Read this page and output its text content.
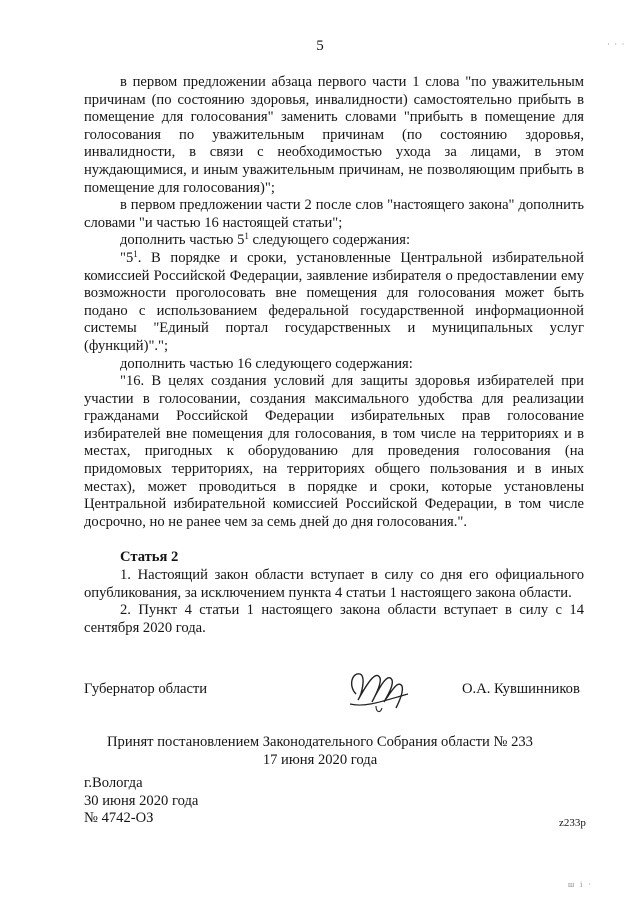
5	· · ·

в первом предложении абзаца первого части 1 слова "по уважительным причинам (по состоянию здоровья, инвалидности) самостоятельно прибыть в помещение для голосования" заменить словами "прибыть в помещение для голосования по уважительным причинам (по состоянию здоровья, инвалидности, в связи с необходимостью ухода за лицами, в этом нуждающимися, и иным уважительным причинам, не позволяющим прибыть в помещение для голосования)";

в первом предложении части 2 после слов "настоящего закона" дополнить словами "и частью 16 настоящей статьи";

дополнить частью $5^1$ следующего содержания:

"$5^1$. В порядке и сроки, установленные Центральной избирательной комиссией Российской Федерации, заявление избирателя о предоставлении ему возможности проголосовать вне помещения для голосования может быть подано с использованием федеральной государственной информационной системы "Единый портал государственных и муниципальных услуг (функций)".";

дополнить частью 16 следующего содержания:

"16. В целях создания условий для защиты здоровья избирателей при участии в голосовании, создания максимального удобства для реализации гражданами Российской Федерации избирательных прав голосование избирателей вне помещения для голосования, в том числе на территориях и в местах, пригодных к оборудованию для проведения голосования (на придомовых территориях, на территориях общего пользования и в иных местах), может проводиться в порядке и сроки, которые установлены Центральной избирательной комиссией Российской Федерации, в том числе досрочно, но не ранее чем за семь дней до дня голосования.".

Статья 2

1. Настоящий закон области вступает в силу со дня его официального опубликования, за исключением пункта 4 статьи 1 настоящего закона области.

2. Пункт 4 статьи 1 настоящего закона области вступает в силу с 14 сентября 2020 года.

Губернатор области	О.А. Кувшинников
Принят постановлением Законодательного Собрания области № 233
17 июня 2020 года
г.Вологда
30 июня 2020 года
№ 4742-ОЗ	z233p
ш і ·
